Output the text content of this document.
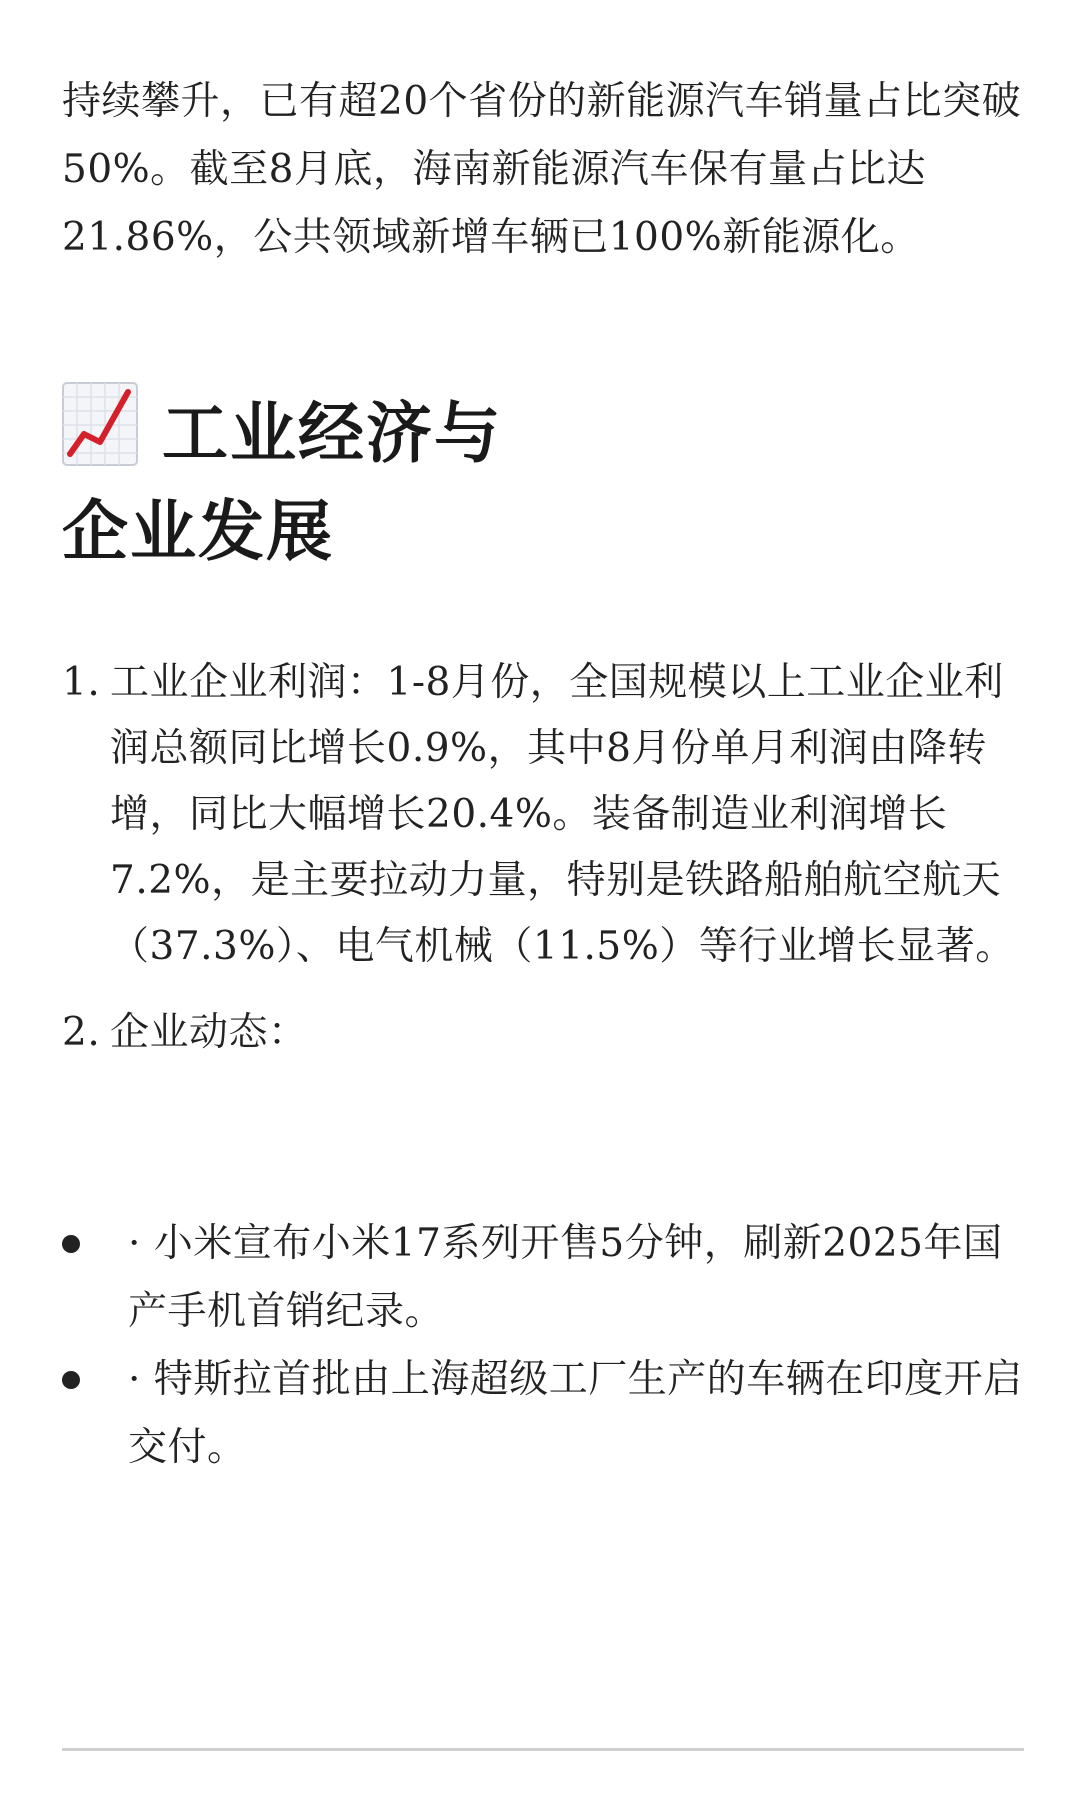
持续攀升，已有超20个省份的新能源汽车销量占比突破50%。截至8月底，海南新能源汽车保有量占比达21.86%，公共领域新增车辆已100%新能源化。

工业经济与
企业发展
1. 工业企业利润：1-8月份，全国规模以上工业企业利润总额同比增长0.9%，其中8月份单月利润由降转增，同比大幅增长20.4%。装备制造业利润增长7.2%，是主要拉动力量，特别是铁路船舶航空航天（37.3%）、电气机械（11.5%）等行业增长显著。
2. 企业动态：
· 小米宣布小米17系列开售5分钟，刷新2025年国产手机首销纪录。
· 特斯拉首批由上海超级工厂生产的车辆在印度开启交付。
